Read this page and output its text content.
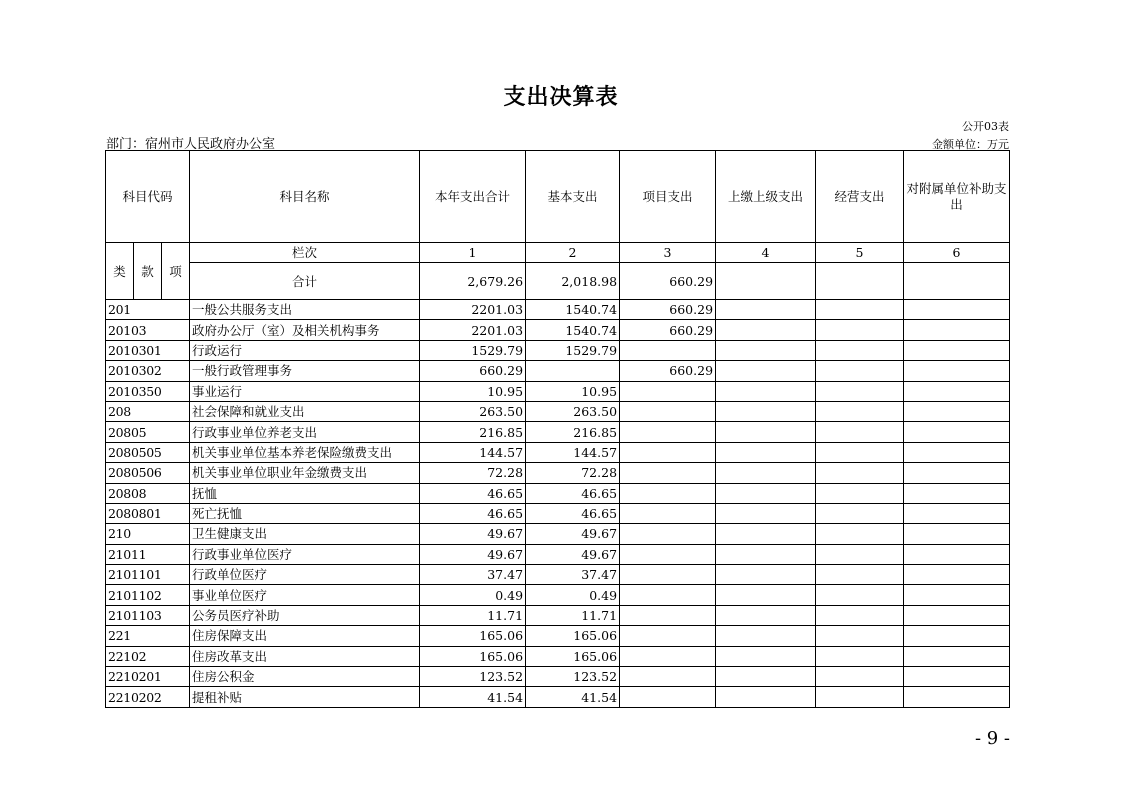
支出决算表
公开03表
部门：宿州市人民政府办公室	金额单位：万元
科目代码			科目名称	本年支出合计	基本支出	项目支出	上缴上级支出	经营支出	对附属单位补助支出
类	款	项	栏次	1	2	3	4	5	6
			合计	2,679.26	2,018.98	660.29			
201			一般公共服务支出	2201.03	1540.74	660.29			
20103			政府办公厅（室）及相关机构事务	2201.03	1540.74	660.29			
2010301			行政运行	1529.79	1529.79				
2010302			一般行政管理事务	660.29		660.29			
2010350			事业运行	10.95	10.95				
208			社会保障和就业支出	263.50	263.50				
20805			行政事业单位养老支出	216.85	216.85				
2080505			机关事业单位基本养老保险缴费支出	144.57	144.57				
2080506			机关事业单位职业年金缴费支出	72.28	72.28				
20808			抚恤	46.65	46.65				
2080801			死亡抚恤	46.65	46.65				
210			卫生健康支出	49.67	49.67				
21011			行政事业单位医疗	49.67	49.67				
2101101			行政单位医疗	37.47	37.47				
2101102			事业单位医疗	0.49	0.49				
2101103			公务员医疗补助	11.71	11.71				
221			住房保障支出	165.06	165.06				
22102			住房改革支出	165.06	165.06				
2210201			住房公积金	123.52	123.52				
2210202			提租补贴	41.54	41.54				
- 9 -
